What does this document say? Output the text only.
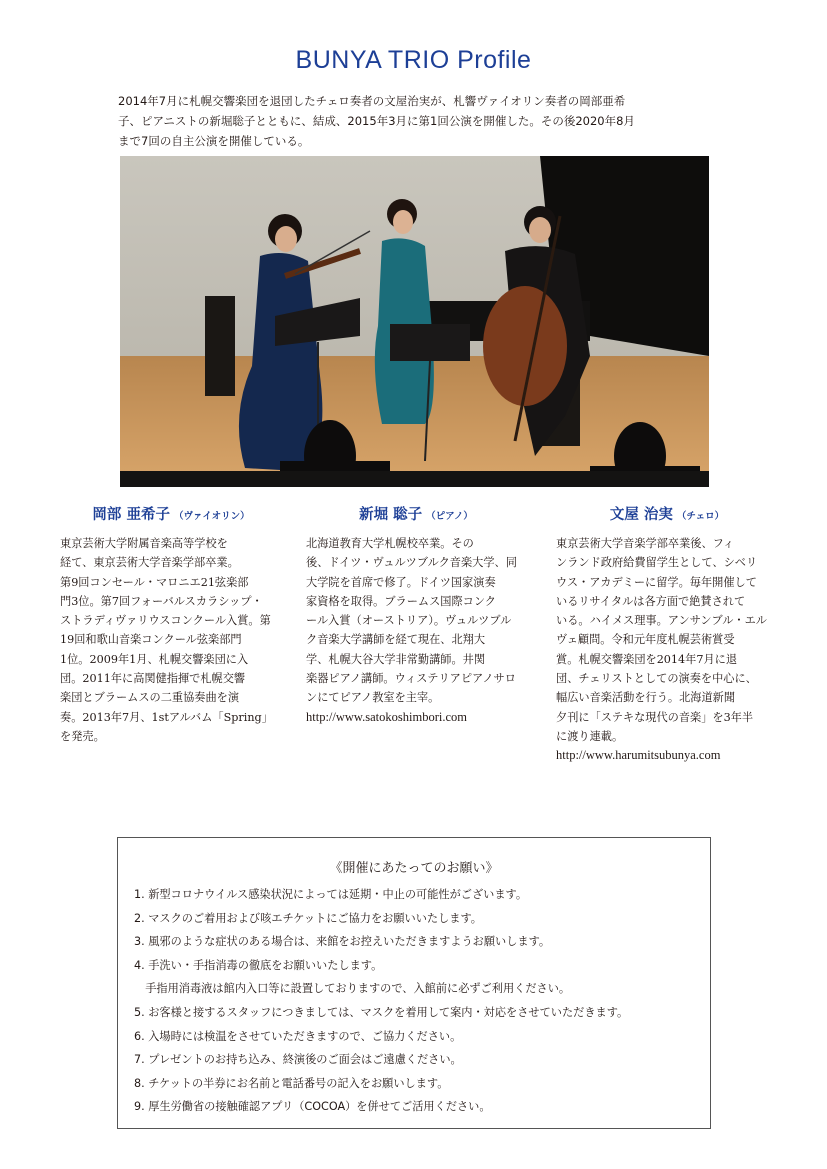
BUNYA TRIO Profile
2014年7月に札幌交響楽団を退団したチェロ奏者の文屋治実が、札響ヴァイオリン奏者の岡部亜希
子、ピアニストの新堀聡子とともに、結成、2015年3月に第1回公演を開催した。その後2020年8月
まで7回の自主公演を開催している。
岡部 亜希子 （ヴァイオリン）
東京芸術大学附属音楽高等学校を
経て、東京芸術大学音楽学部卒業。
第9回コンセール・マロニエ21弦楽部
門3位。第7回フォーバルスカラシップ・
ストラディヴァリウスコンクール入賞。第
19回和歌山音楽コンクール弦楽部門
1位。2009年1月、札幌交響楽団に入
団。2011年に高関健指揮で札幌交響
楽団とブラームスの二重協奏曲を演
奏。2013年7月、1stアルバム「Spring」
を発売。
新堀 聡子 （ピアノ）
北海道教育大学札幌校卒業。その
後、ドイツ・ヴュルツブルク音楽大学、同
大学院を首席で修了。ドイツ国家演奏
家資格を取得。ブラームス国際コンク
ール入賞（オーストリア）。ヴュルツブル
ク音楽大学講師を経て現在、北翔大
学、札幌大谷大学非常勤講師。井関
楽器ピアノ講師。ウィステリアピアノサロ
ンにてピアノ教室を主宰。
http://www.satokoshimbori.com
文屋 治実 （チェロ）
東京芸術大学音楽学部卒業後、フィ
ンランド政府給費留学生として、シベリ
ウス・アカデミーに留学。毎年開催して
いるリサイタルは各方面で絶賛されて
いる。ハイメス理事。アンサンブル・エル
ヴェ顧問。令和元年度札幌芸術賞受
賞。札幌交響楽団を2014年7月に退
団、チェリストとしての演奏を中心に、
幅広い音楽活動を行う。北海道新聞
夕刊に「ステキな現代の音楽」を3年半
に渡り連載。
http://www.harumitsubunya.com
《開催にあたってのお願い》
1. 新型コロナウイルス感染状況によっては延期・中止の可能性がございます。
2. マスクのご着用および咳エチケットにご協力をお願いいたします。
3. 風邪のような症状のある場合は、来館をお控えいただきますようお願いします。
4. 手洗い・手指消毒の徹底をお願いいたします。
　手指用消毒液は館内入口等に設置しておりますので、入館前に必ずご利用ください。
5. お客様と接するスタッフにつきましては、マスクを着用して案内・対応をさせていただきます。
6. 入場時には検温をさせていただきますので、ご協力ください。
7. プレゼントのお持ち込み、終演後のご面会はご遠慮ください。
8. チケットの半券にお名前と電話番号の記入をお願いします。
9. 厚生労働省の接触確認アプリ（COCOA）を併せてご活用ください。
